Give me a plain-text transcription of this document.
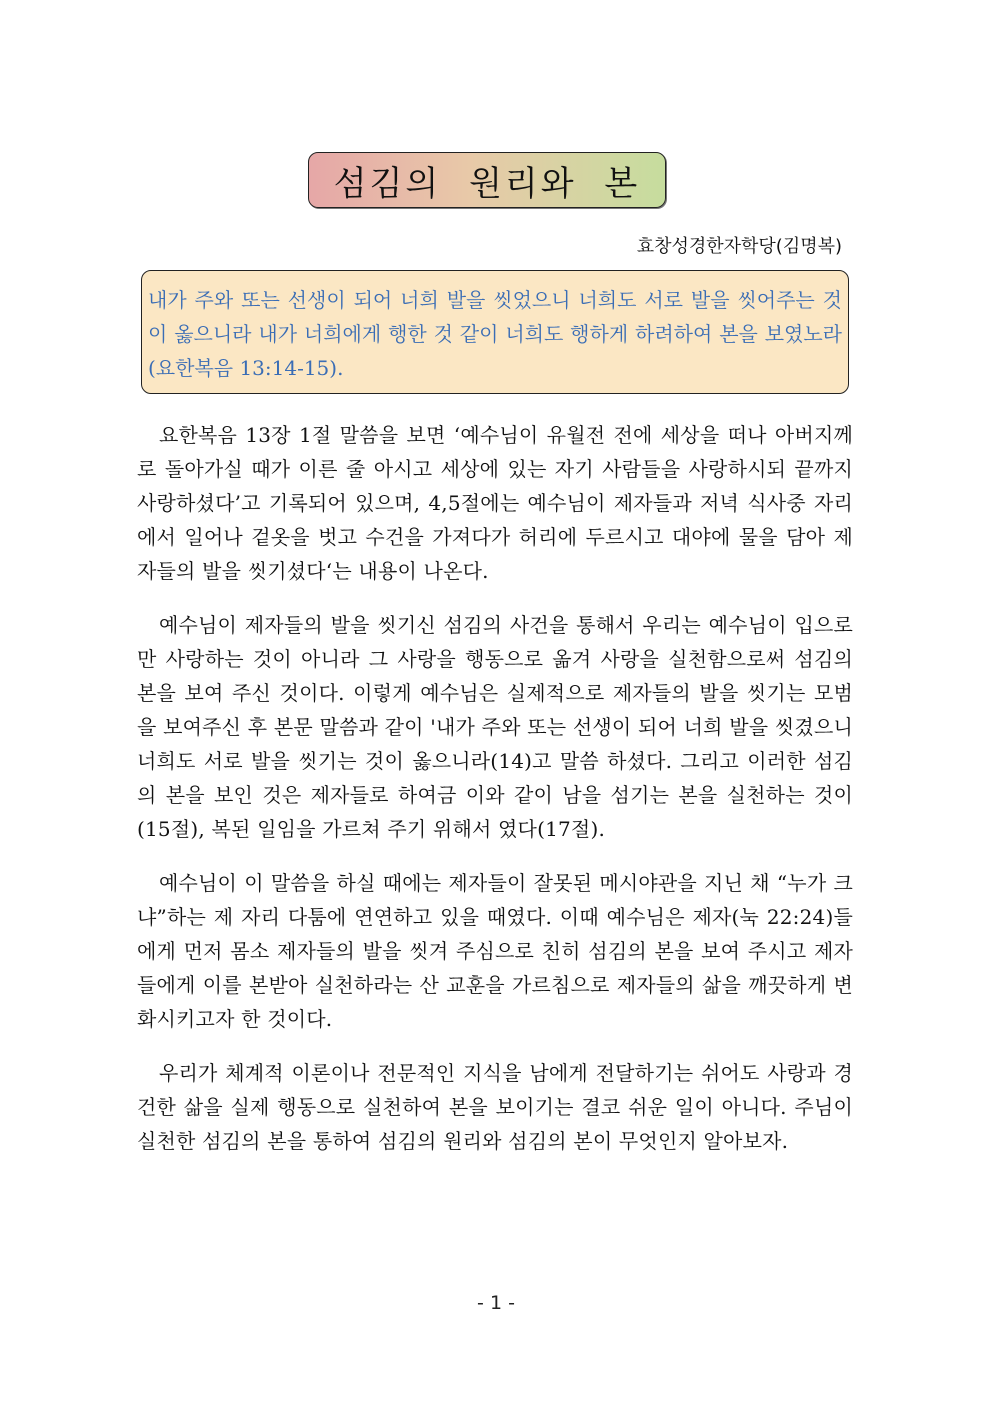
섬김의 원리와 본
효창성경한자학당(김명복)

내가 주와 또는 선생이 되어 너희 발을 씻었으니 너희도 서로 발을 씻어주는 것이 옳으니라 내가 너희에게 행한 것 같이 너희도 행하게 하려하여 본을 보였노라(요한복음 13:14-15).

요한복음 13장 1절 말씀을 보면 ‘예수님이 유월전 전에 세상을 떠나 아버지께로 돌아가실 때가 이른 줄 아시고 세상에 있는 자기 사람들을 사랑하시되 끝까지 사랑하셨다’고 기록되어 있으며, 4,5절에는 예수님이 제자들과 저녁 식사중 자리에서 일어나 겉옷을 벗고 수건을 가져다가 허리에 두르시고 대야에 물을 담아 제자들의 발을 씻기셨다‘는 내용이 나온다.

예수님이 제자들의 발을 씻기신 섬김의 사건을 통해서 우리는 예수님이 입으로만 사랑하는 것이 아니라 그 사랑을 행동으로 옮겨 사랑을 실천함으로써 섬김의 본을 보여 주신 것이다. 이렇게 예수님은 실제적으로 제자들의 발을 씻기는 모범을 보여주신 후 본문 말씀과 같이 '내가 주와 또는 선생이 되어 너희 발을 씻겼으니 너희도 서로 발을 씻기는 것이 옳으니라(14)고 말씀 하셨다. 그리고 이러한 섬김의 본을 보인 것은 제자들로 하여금 이와 같이 남을 섬기는 본을 실천하는 것이(15절), 복된 일임을 가르쳐 주기 위해서 였다(17절).

예수님이 이 말씀을 하실 때에는 제자들이 잘못된 메시야관을 지닌 채 “누가 크냐”하는 제 자리 다툼에 연연하고 있을 때였다. 이때 예수님은 제자(눅 22:24)들에게 먼저 몸소 제자들의 발을 씻겨 주심으로 친히 섬김의 본을 보여 주시고 제자들에게 이를 본받아 실천하라는 산 교훈을 가르침으로 제자들의 삶을 깨끗하게 변화시키고자 한 것이다.

우리가 체계적 이론이나 전문적인 지식을 남에게 전달하기는 쉬어도 사랑과 경건한 삶을 실제 행동으로 실천하여 본을 보이기는 결코 쉬운 일이 아니다. 주님이 실천한 섬김의 본을 통하여 섬김의 원리와 섬김의 본이 무엇인지 알아보자.

- 1 -
